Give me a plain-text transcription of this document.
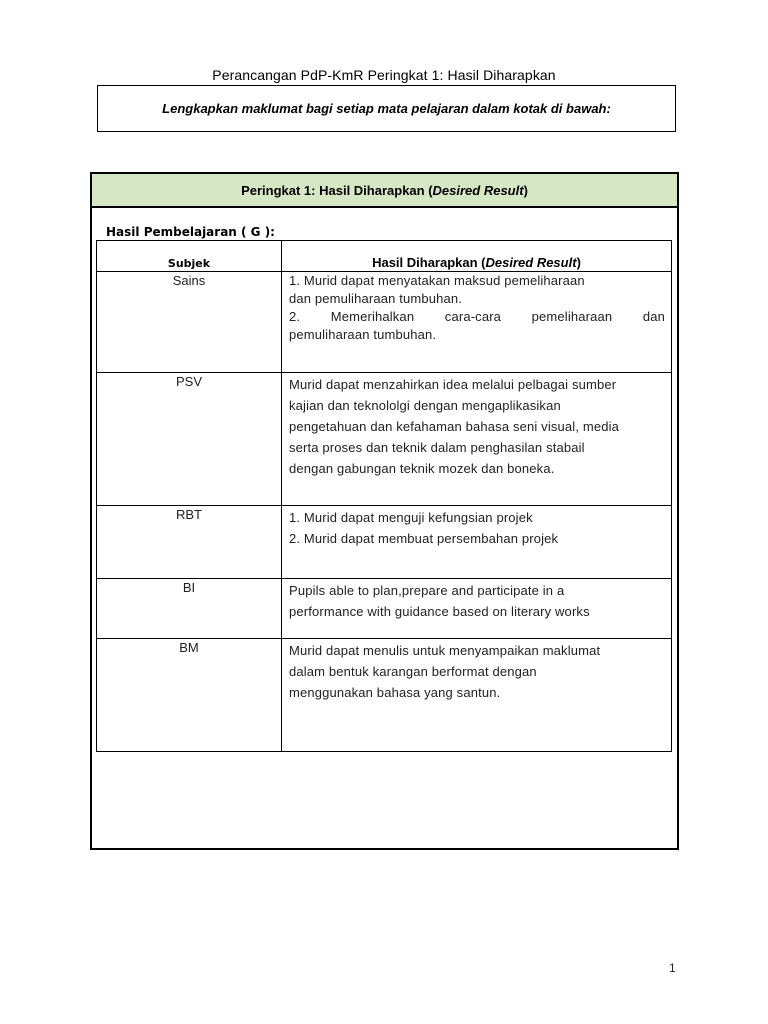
Perancangan PdP-KmR Peringkat 1: Hasil Diharapkan
Lengkapkan maklumat bagi setiap mata pelajaran dalam kotak di bawah:
Peringkat 1: Hasil Diharapkan ( Desired Result )
Hasil Pembelajaran ( G ):
Subjek	Hasil Diharapkan (Desired Result)
Sains	1. Murid dapat menyatakan maksud pemeliharaan
dan pemuliharaan tumbuhan.
2. Memerihalkan cara-cara pemeliharaan dan
pemuliharaan tumbuhan.

PSV	Murid dapat menzahirkan idea melalui pelbagai sumber
kajian dan teknololgi dengan mengaplikasikan
pengetahuan dan kefahaman bahasa seni visual, media
serta proses dan teknik dalam penghasilan stabail
dengan gabungan teknik mozek dan boneka.

RBT	1. Murid dapat menguji kefungsian projek
2. Murid dapat membuat persembahan projek

BI	Pupils able to plan,prepare and participate in a
performance with guidance based on literary works

BM	Murid dapat menulis untuk menyampaikan maklumat
dalam bentuk karangan berformat dengan
menggunakan bahasa yang santun.
1
